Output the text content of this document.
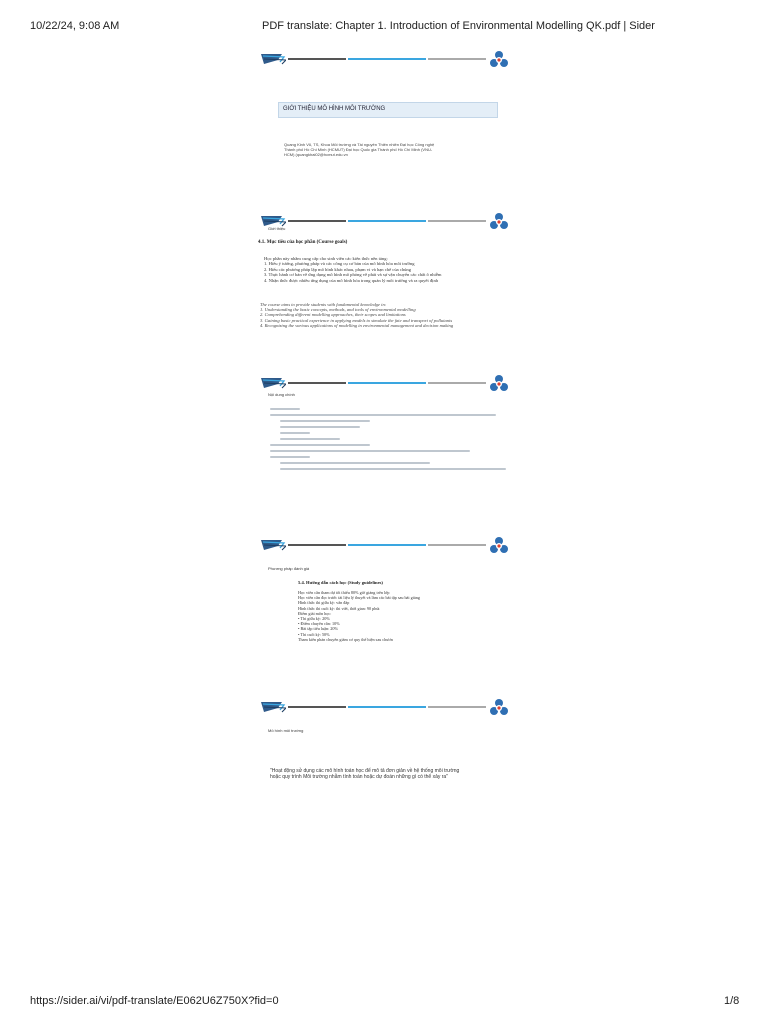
10/22/24, 9:08 AM	PDF translate: Chapter 1. Introduction of Environmental Modelling QK.pdf | Sider
GIỚI THIỆU MÔ HÌNH MÔI TRƯỜNG
Quang Kinh Vũ, TS, Khoa Môi trường và Tài nguyên Thiên nhiên Đại học Công nghệ
Thành phố Hồ Chí Minh (HCMUT) Đại học Quốc gia Thành phố Hồ Chí Minh (VNU-
HCM) (quangkhai02@hcmut.edu.vn
Giới thiệu
4.1. Mục tiêu của học phần (Course goals)
Học phần này nhằm cung cấp cho sinh viên các kiến thức nền tảng:
1. Hiểu ý tưởng, phương pháp và các công cụ cơ bản của mô hình hóa môi trường
2. Hiểu các phương pháp lập mô hình khác nhau, phạm vi và hạn chế của chúng
3. Thực hành cơ bản về ứng dụng mô hình mô phỏng về phát và sự vận chuyển các chất ô nhiễm
4. Nhận thức được nhiều ứng dụng của mô hình hóa trong quản lý môi trường và ra quyết định
The course aims to provide students with fundamental knowledge in:
1. Understanding the basic concepts, methods, and tools of environmental modelling
2. Comprehending different modelling approaches, their scopes and limitations
3. Gaining basic practical experience in applying models to simulate the fate and transport of pollutants
4. Recognizing the various applications of modelling in environmental management and decision making
Nội dung chính
Phương pháp đánh giá
5.4. Hướng dẫn cách học (Study guidelines)
Học viên cần tham dự tối thiểu 80% giờ giảng trên lớp
Học viên cần đọc trước tài liệu lý thuyết và làm các bài tập sau bài giảng
Hình thức thi giữa kỳ: vấn đáp
Hình thức thi cuối kỳ: thi viết, thời gian: 90 phút
Điểm giải môn học:
• Thi giữa kỳ: 20%
• Điểm chuyên cần: 10%
• Bài tập tiểu luận: 20%
• Thi cuối kỳ: 50%
Tham kiến phản chuyên giám cơ quy thể hiện sau chươn
Mô hình môi trường
"Hoạt động sử dụng các mô hình toán học để mô tả đơn giản về hệ thống môi trường
hoặc quy trình Môi trường nhằm tính toán hoặc dự đoán những gì có thể xảy ra"
https://sider.ai/vi/pdf-translate/E062U6Z750X?fid=0	1/8
